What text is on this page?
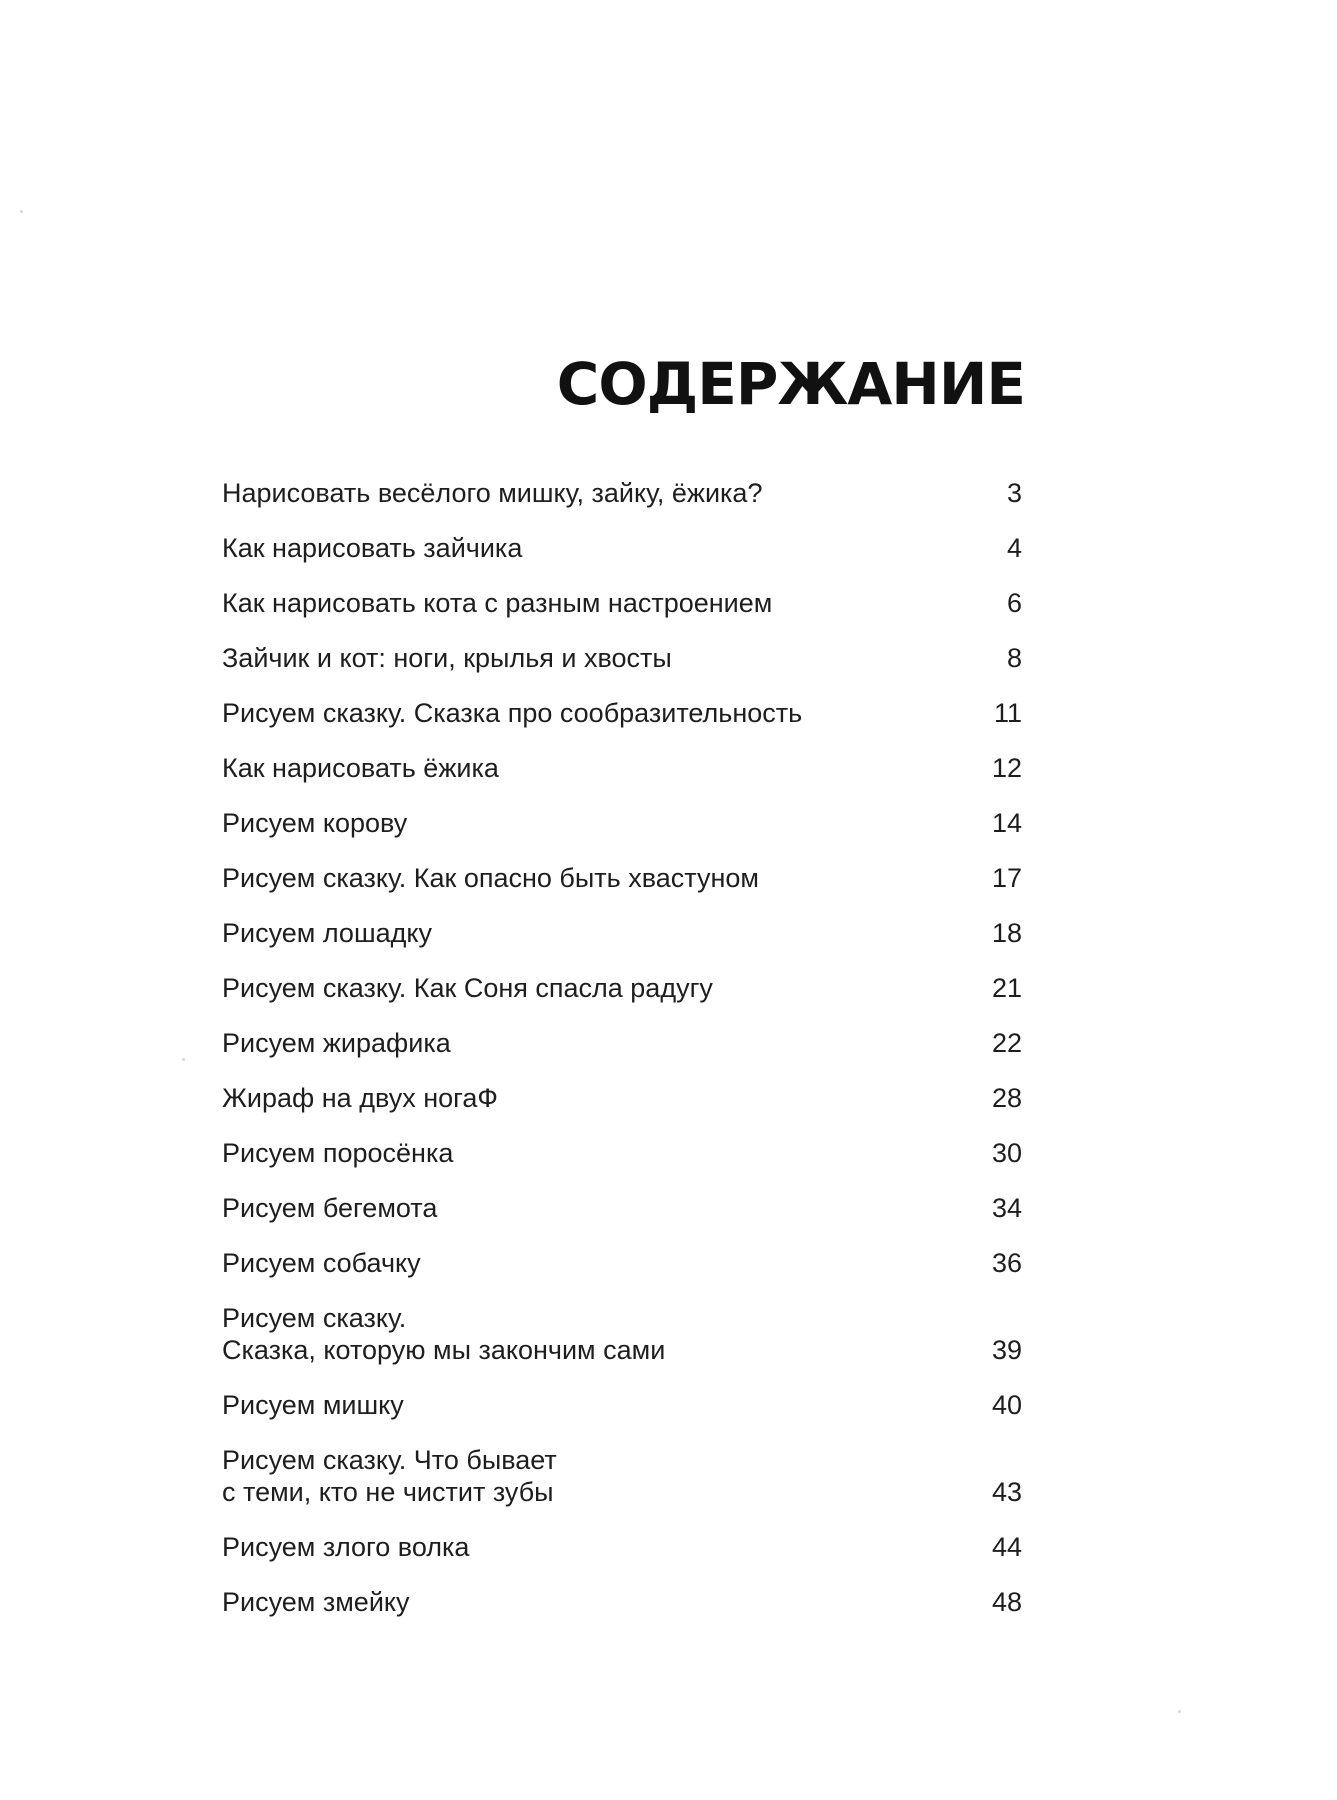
СОДЕРЖАНИЕ
Нарисовать весёлого мишку, зайку, ёжика?	3
Как нарисовать зайчика	4
Как нарисовать кота с разным настроением	6
Зайчик и кот: ноги, крылья и хвосты	8
Рисуем сказку. Сказка про сообразительность	11
Как нарисовать ёжика	12
Рисуем корову	14
Рисуем сказку. Как опасно быть хвастуном	17
Рисуем лошадку	18
Рисуем сказку. Как Соня спасла радугу	21
Рисуем жирафика	22
Жираф на двух ногаФ	28
Рисуем поросёнка	30
Рисуем бегемота	34
Рисуем собачку	36
Рисуем сказку.
Сказка, которую мы закончим сами	39
Рисуем мишку	40
Рисуем сказку. Что бывает
с теми, кто не чистит зубы	43
Рисуем злого волка	44
Рисуем змейку	48
